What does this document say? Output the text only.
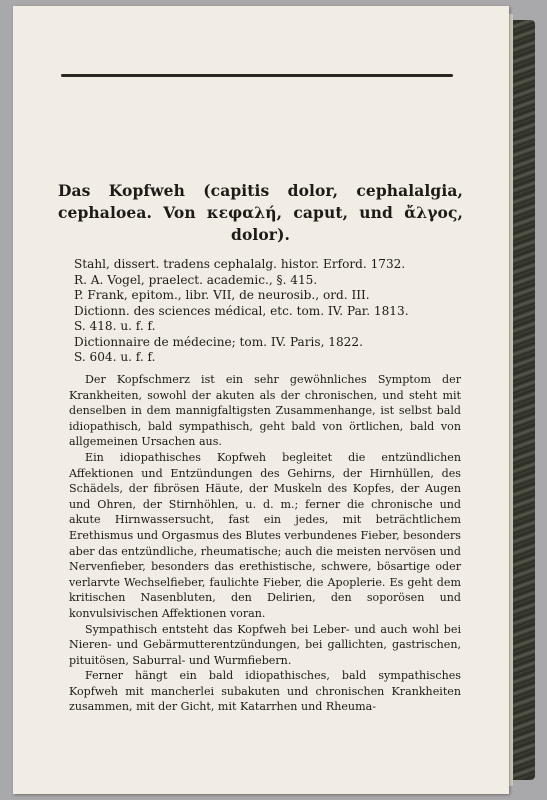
Das Kopfweh (capitis dolor, cephalalgia, cephaloea. Von κεφαλή, caput, und ἄλγος, dolor).
Stahl, dissert. tradens cephalalg. histor. Erford. 1732.
R. A. Vogel, praelect. academic., §. 415.
P. Frank, epitom., libr. VII, de neurosib., ord. III.
Dictionn. des sciences médical, etc. tom. IV. Par. 1813.
S. 418. u. f. f.
Dictionnaire de médecine; tom. IV. Paris, 1822.
S. 604. u. f. f.

Der Kopfschmerz ist ein sehr gewöhnliches Symptom der Krankheiten, sowohl der akuten als der chronischen, und steht mit denselben in dem mannigfaltigsten Zusammenhange, ist selbst bald idiopathisch, bald sympathisch, geht bald von örtlichen, bald von allgemeinen Ursachen aus.

Ein idiopathisches Kopfweh begleitet die entzündlichen Affektionen und Entzündungen des Gehirns, der Hirnhüllen, des Schädels, der fibrösen Häute, der Muskeln des Kopfes, der Augen und Ohren, der Stirnhöhlen, u. d. m.; ferner die chronische und akute Hirnwassersucht, fast ein jedes, mit beträchtlichem Erethismus und Orgasmus des Blutes verbundenes Fieber, besonders aber das entzündliche, rheumatische; auch die meisten nervösen und Nervenfieber, besonders das erethistische, schwere, bösartige oder verlarvte Wechselfieber, faulichte Fieber, die Apoplerie. Es geht dem kritischen Nasenbluten, den Delirien, den soporösen und konvulsivischen Affektionen voran.

Sympathisch entsteht das Kopfweh bei Leber- und auch wohl bei Nieren- und Gebärmutterentzündungen, bei gallichten, gastrischen, pituitösen, Saburral- und Wurmfiebern.

Ferner hängt ein bald idiopathisches, bald sympathisches Kopfweh mit mancherlei subakuten und chronischen Krankheiten zusammen, mit der Gicht, mit Katarrhen und Rheuma-
